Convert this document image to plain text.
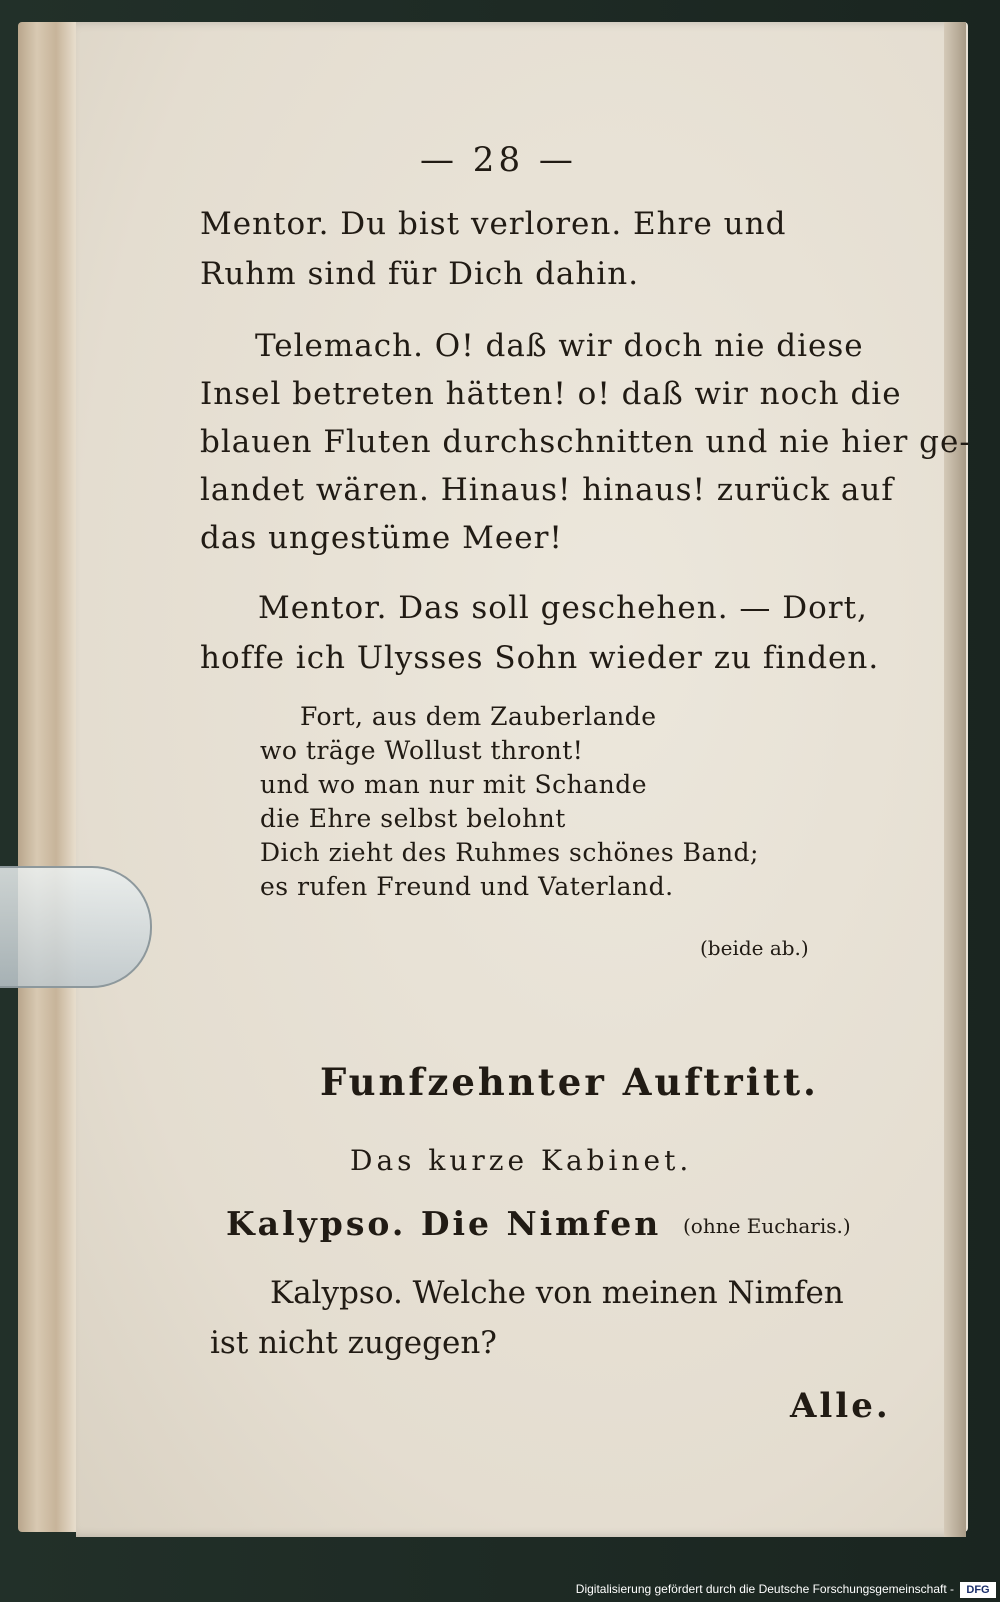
— 28 —
Mentor. Du bist verloren. Ehre und
Ruhm sind für Dich dahin.
Telemach. O! daß wir doch nie diese
Insel betreten hätten! o! daß wir noch die
blauen Fluten durchschnitten und nie hier ge-
landet wären. Hinaus! hinaus! zurück auf
das ungestüme Meer!
Mentor. Das soll geschehen. — Dort,
hoffe ich Ulysses Sohn wieder zu finden.
Fort, aus dem Zauberlande
wo träge Wollust thront!
und wo man nur mit Schande
die Ehre selbst belohnt
Dich zieht des Ruhmes schönes Band;
es rufen Freund und Vaterland.
(beide ab.)
Funfzehnter Auftritt.
Das kurze Kabinet.
Kalypso. Die Nimfen (ohne Eucharis.)
Kalypso. Welche von meinen Nimfen
ist nicht zugegen?
Alle.
Digitalisierung gefördert durch die Deutsche Forschungsgemeinschaft -	DFG
